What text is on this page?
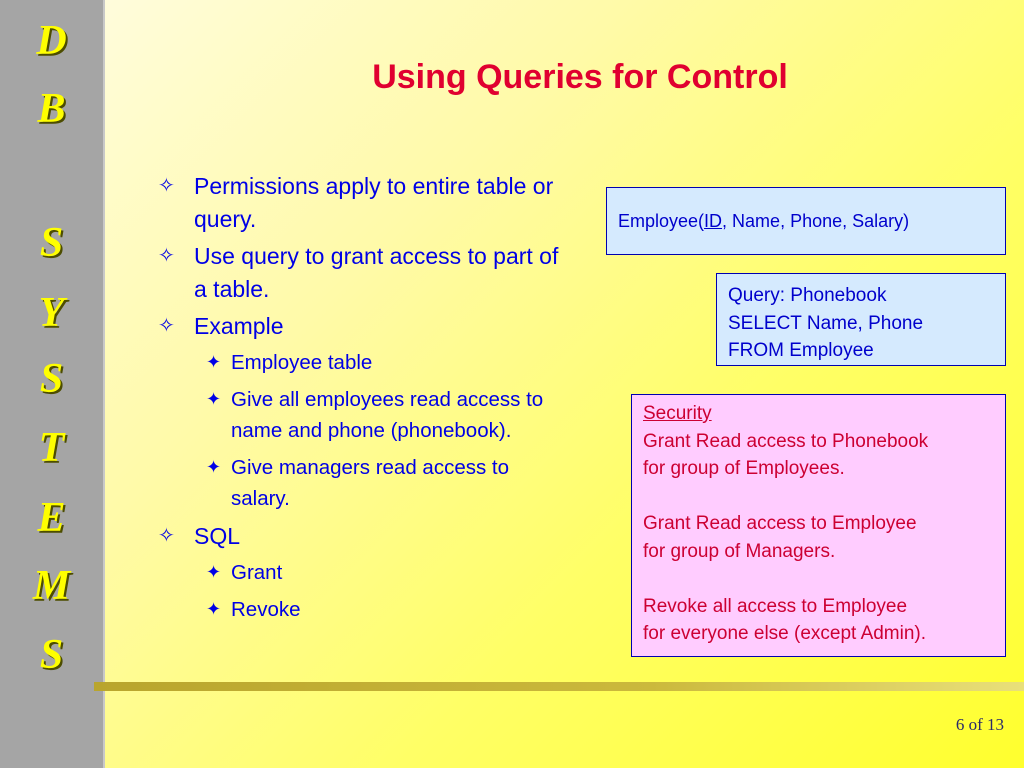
D
B
S
Y
S
T
E
M
S
Using Queries for Control
✧ Permissions apply to entire table or query.
✧ Use query to grant access to part of a table.
✧ Example
✦ Employee table
✦ Give all employees read access to name and phone (phonebook).
✦ Give managers read access to salary.
✧ SQL
✦ Grant
✦ Revoke
Employee( ID , Name, Phone, Salary)
Query: Phonebook
SELECT Name, Phone
FROM Employee
Security
Grant Read access to Phonebook
for group of Employees.
Grant Read access to Employee
for group of Managers.
Revoke all access to Employee
for everyone else (except Admin).
6 of 13
